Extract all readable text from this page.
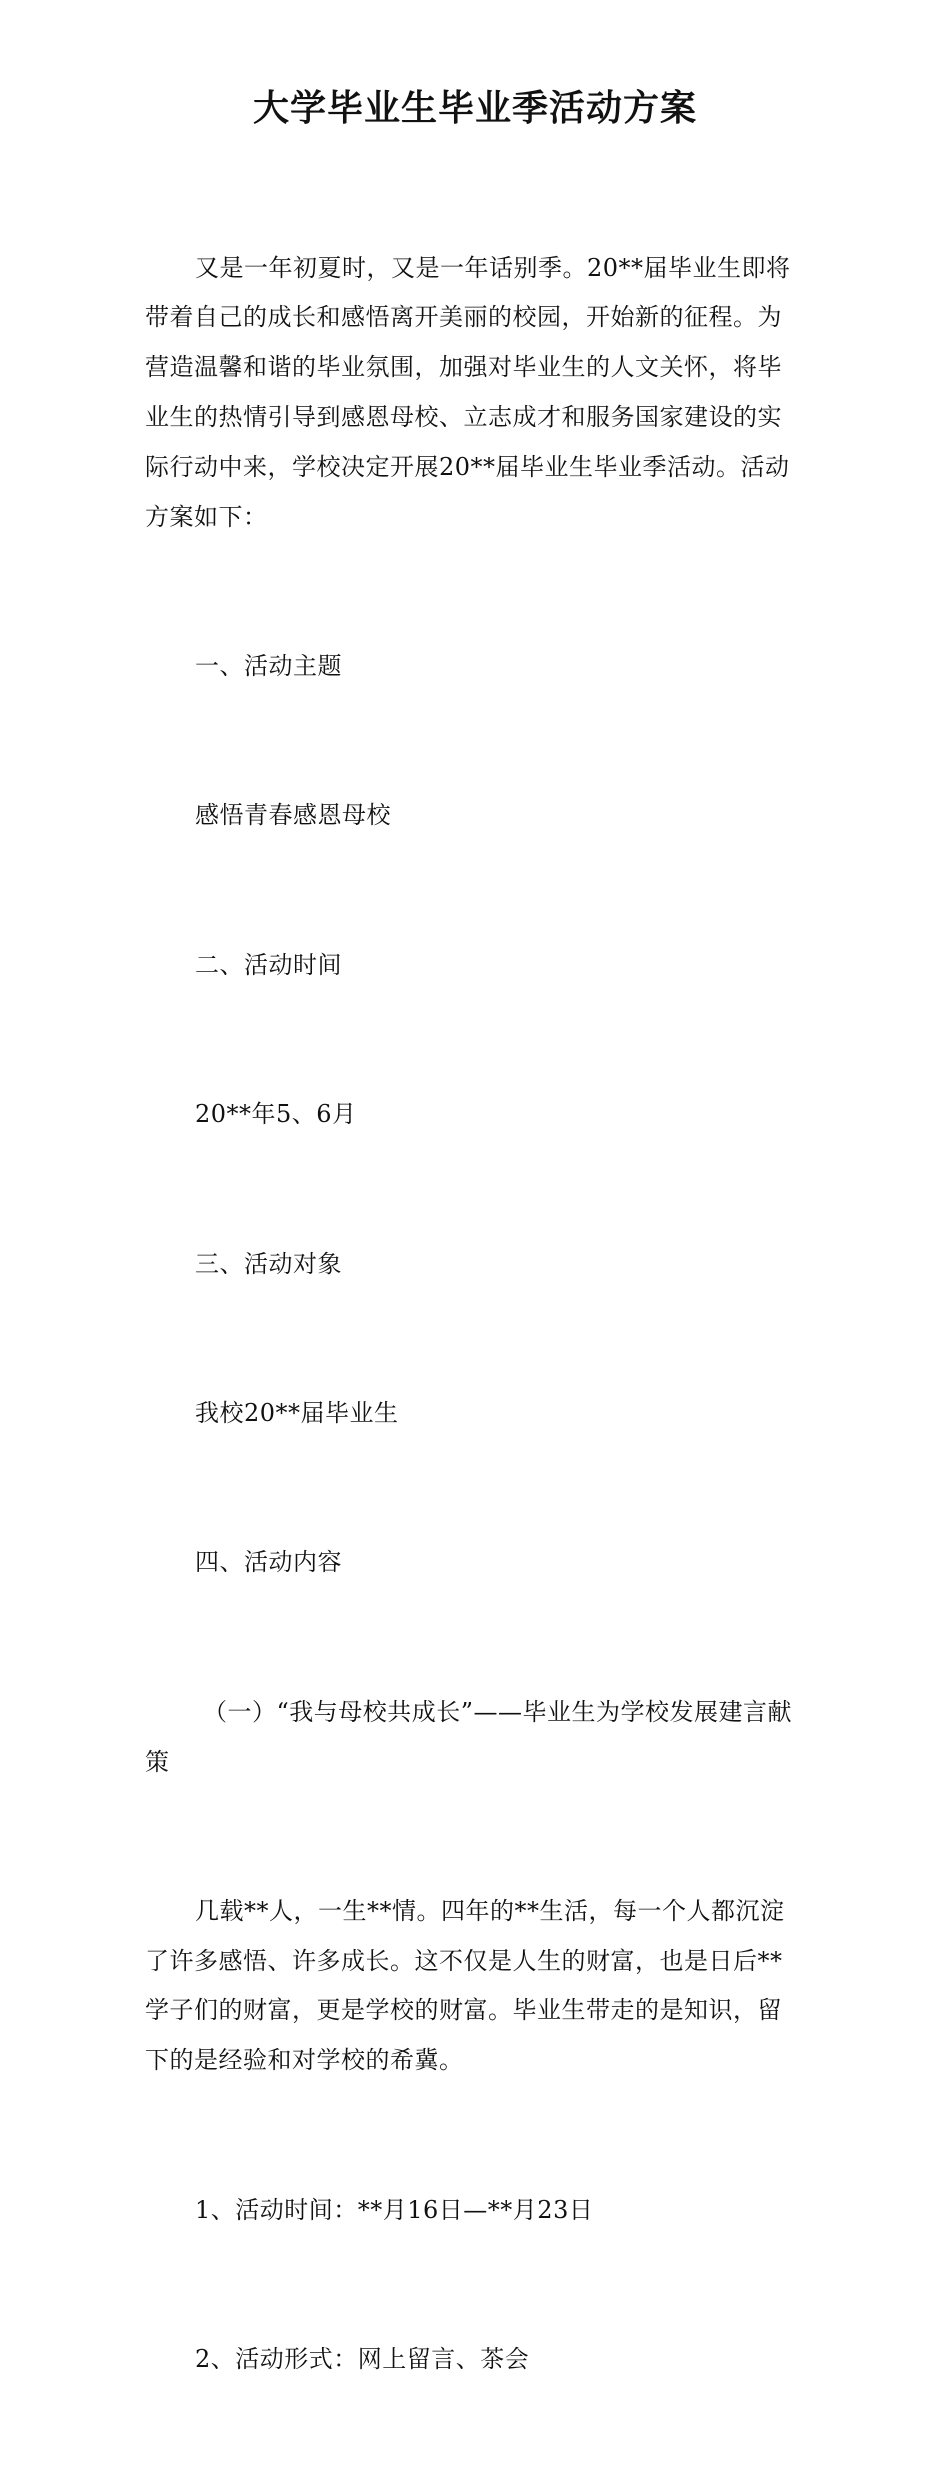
大学毕业生毕业季活动方案

又是一年初夏时，又是一年话别季。20**届毕业生即将带着自己的成长和感悟离开美丽的校园，开始新的征程。为营造温馨和谐的毕业氛围，加强对毕业生的人文关怀，将毕业生的热情引导到感恩母校、立志成才和服务国家建设的实际行动中来，学校决定开展20**届毕业生毕业季活动。活动方案如下：

一、活动主题

感悟青春感恩母校

二、活动时间

20**年5、6月

三、活动对象

我校20**届毕业生

四、活动内容

（一）“我与母校共成长”——毕业生为学校发展建言献策

几载**人，一生**情。四年的**生活，每一个人都沉淀了许多感悟、许多成长。这不仅是人生的财富，也是日后**学子们的财富，更是学校的财富。毕业生带走的是知识，留下的是经验和对学校的希冀。

1、活动时间：**月16日—**月23日

2、活动形式：网上留言、茶会
